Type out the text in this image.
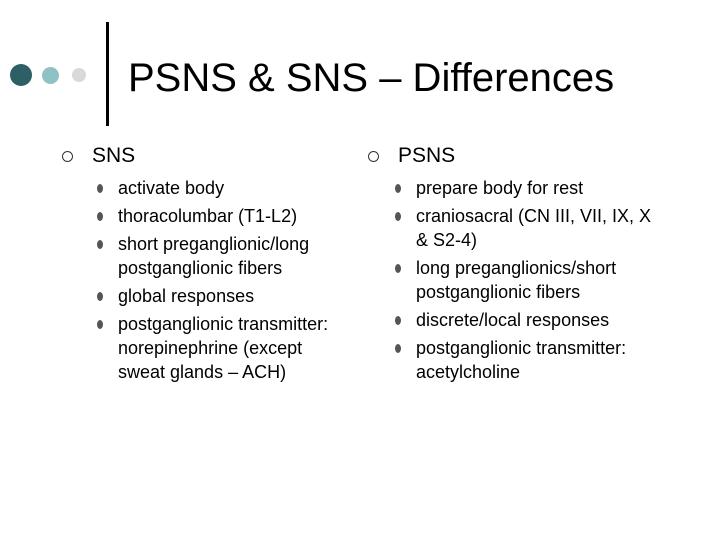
PSNS & SNS – Differences
SNS
activate body
thoracolumbar (T1-L2)
short preganglionic/long postganglionic fibers
global responses
postganglionic transmitter: norepinephrine (except sweat glands – ACH)
PSNS
prepare body for rest
craniosacral (CN III, VII, IX, X & S2-4)
long preganglionics/short postganglionic fibers
discrete/local responses
postganglionic transmitter: acetylcholine
